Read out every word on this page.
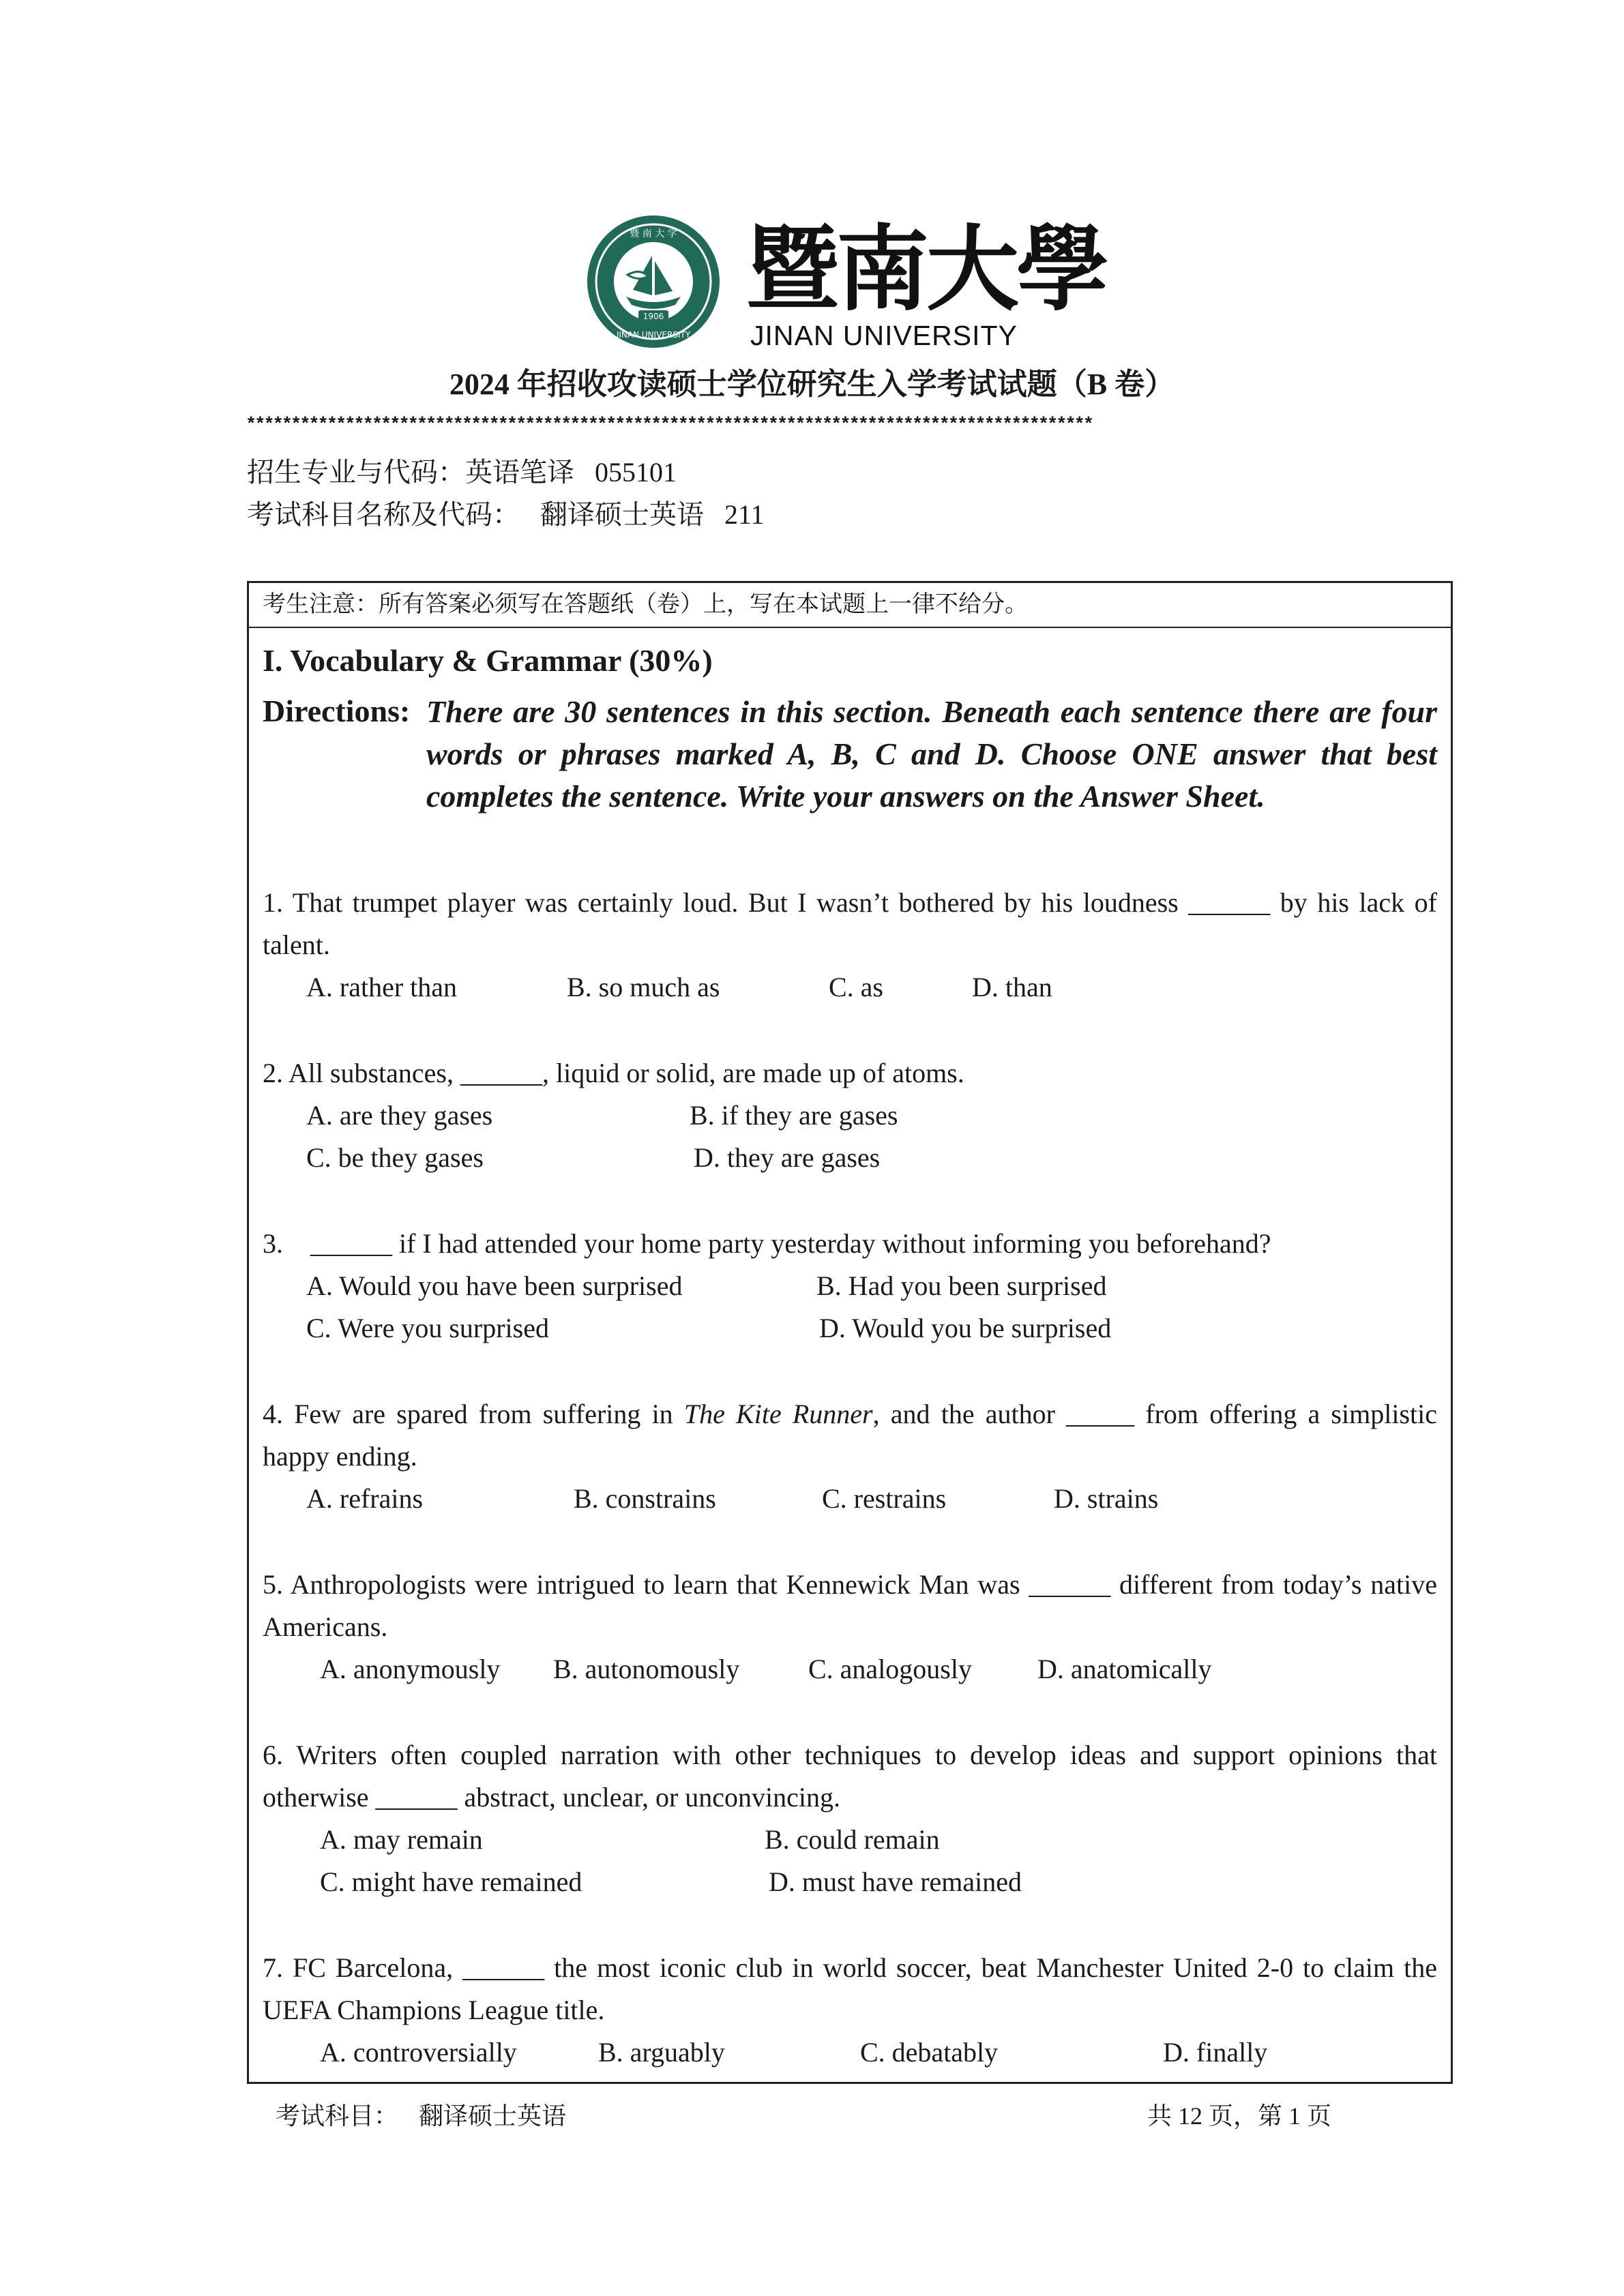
1906
暨 南 大 学
JINAN UNIVERSITY
暨南大學
JINAN UNIVERSITY
2024 年招收攻读硕士学位研究生入学考试试题（B 卷）
**********************************************************************************************
招生专业与代码：英语笔译 055101
考试科目名称及代码： 翻译硕士英语 211
考生注意：所有答案必须写在答题纸（卷）上，写在本试题上一律不给分。
I. Vocabulary & Grammar (30%)
Directions: There are 30 sentences in this section. Beneath each sentence there are four words or phrases marked A, B, C and D. Choose ONE answer that best completes the sentence. Write your answers on the Answer Sheet.
1. That trumpet player was certainly loud. But I wasn’t bothered by his loudness ______ by his lack of talent.
A. rather than	B. so much as	C. as	D. than
2. All substances, ______, liquid or solid, are made up of atoms.
A. are they gases	B. if they are gases
C. be they gases	D. they are gases
3.    ______ if I had attended your home party yesterday without informing you beforehand?
A. Would you have been surprised	B. Had you been surprised
C. Were you surprised	D. Would you be surprised
4. Few are spared from suffering in The Kite Runner, and the author _____ from offering a simplistic happy ending.
A. refrains	B. constrains	C. restrains	D. strains
5. Anthropologists were intrigued to learn that Kennewick Man was ______ different from today’s native Americans.
A. anonymously B. autonomously	C. analogously D. anatomically
6. Writers often coupled narration with other techniques to develop ideas and support opinions that otherwise ______ abstract, unclear, or unconvincing.
A. may remain	B. could remain
C. might have remained	D. must have remained
7. FC Barcelona, ______ the most iconic club in world soccer, beat Manchester United 2-0 to claim the UEFA Champions League title.
A. controversially	B. arguably	C. debatably	D. finally
考试科目： 翻译硕士英语	共 12 页，第 1 页
